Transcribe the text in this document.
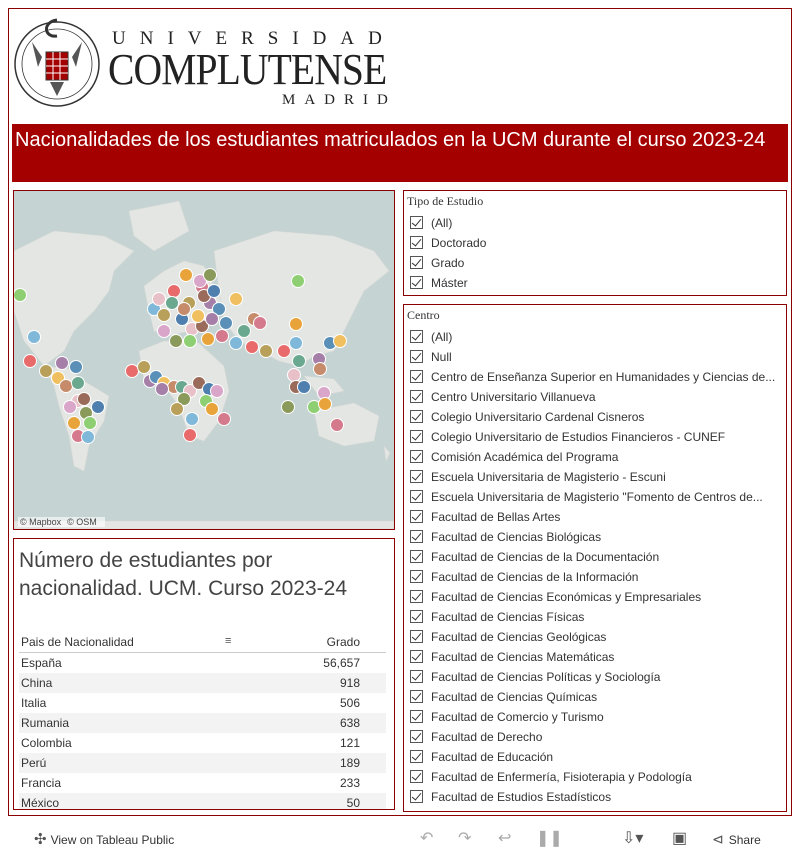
UNIVERSIDAD
COMPLUTENSE
MADRID
Nacionalidades de los estudiantes matriculados en la UCM durante el curso 2023-24
© Mapbox © OSM
Número de estudiantes por nacionalidad. UCM. Curso 2023-24
Pais de Nacionalidad	≡	Grado
España	56,657
China	918
Italia	506
Rumania	638
Colombia	121
Perú	189
Francia	233
México	50
Tipo de Estudio
(All)
Doctorado
Grado
Máster
Centro
(All)
Null
Centro de Enseñanza Superior en Humanidades y Ciencias de...
Centro Universitario Villanueva
Colegio Universitario Cardenal Cisneros
Colegio Universitario de Estudios Financieros - CUNEF
Comisión Académica del Programa
Escuela Universitaria de Magisterio - Escuni
Escuela Universitaria de Magisterio "Fomento de Centros de...
Facultad de Bellas Artes
Facultad de Ciencias Biológicas
Facultad de Ciencias de la Documentación
Facultad de Ciencias de la Información
Facultad de Ciencias Económicas y Empresariales
Facultad de Ciencias Físicas
Facultad de Ciencias Geológicas
Facultad de Ciencias Matemáticas
Facultad de Ciencias Políticas y Sociología
Facultad de Ciencias Químicas
Facultad de Comercio y Turismo
Facultad de Derecho
Facultad de Educación
Facultad de Enfermería, Fisioterapia y Podología
Facultad de Estudios Estadísticos
✣ View on Tableau Public	↶ ↷ ↩ ❚❚	⇩▾ ▣ ⊲ Share
